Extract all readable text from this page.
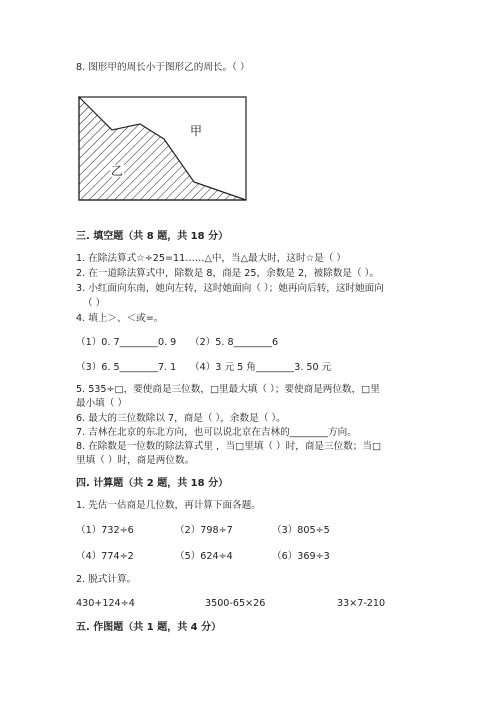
8. 图形甲的周长小于图形乙的周长。（ ）
甲
乙
三. 填空题（共 8 题，共 18 分）
1. 在除法算式☆÷25=11……△中，当△最大时，这时☆是（ ）
2. 在一道除法算式中，除数是 8，商是 25，余数是 2，被除数是（ ）。
3. 小红面向东南，她向左转，这时她面向（ ）；她再向后转，这时她面向
（ ）
4. 填上＞、＜或=。
（1）0. 7________0. 9 （2）5. 8________6
（3）6. 5________7. 1 （4）3 元 5 角________3. 50 元
5. 535÷□，要使商是三位数，□里最大填（ ）；要使商是两位数，□里
最小填（ ）
6. 最大的三位数除以 7，商是（ ），余数是（ ）。
7. 吉林在北京的东北方向，也可以说北京在吉林的________方向。
8. 在除数是一位数的除法算式里 ，当□里填（ ）时，商是三位数；当□
里填（ ）时，商是两位数。
四. 计算题（共 2 题，共 18 分）
1. 先估一估商是几位数，再计算下面各题。
（1）732÷6	（2）798÷7	（3）805÷5
（4）774÷2	（5）624÷4	（6）369÷3
2. 脱式计算。
430+124÷4	3500-65×26	33×7-210
五. 作图题（共 1 题，共 4 分）
